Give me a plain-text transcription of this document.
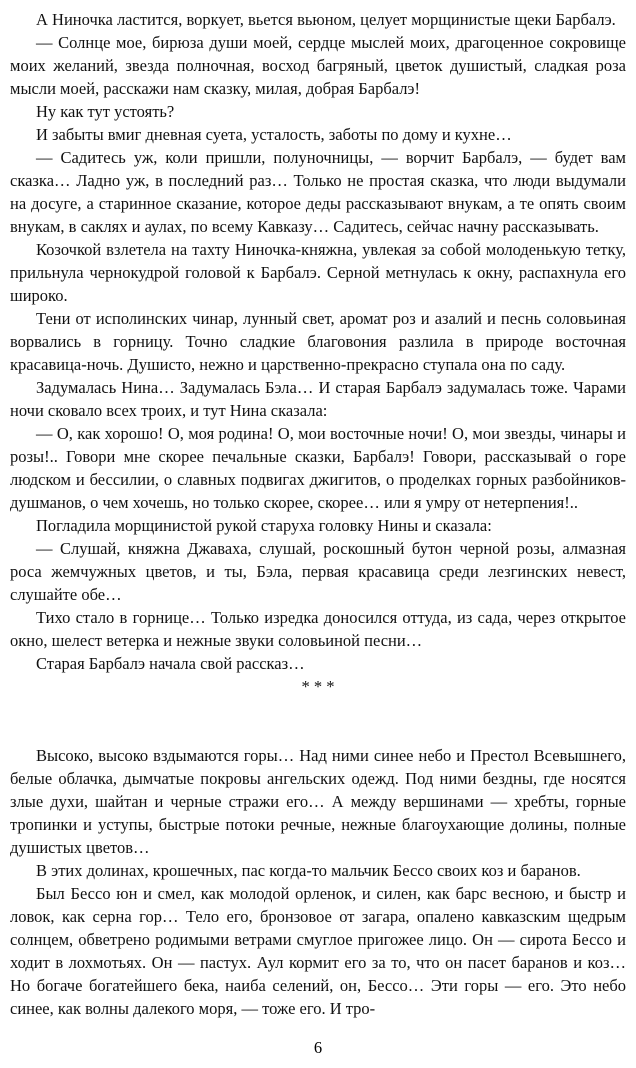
А Ниночка ластится, воркует, вьется вьюном, целует морщинистые щеки Барбалэ.

— Солнце мое, бирюза души моей, сердце мыслей моих, драгоценное сокровище моих желаний, звезда полночная, восход багряный, цветок душистый, сладкая роза мысли моей, расскажи нам сказку, милая, добрая Барбалэ!

Ну как тут устоять?

И забыты вмиг дневная суета, усталость, заботы по дому и кухне…

— Садитесь уж, коли пришли, полуночницы, — ворчит Барбалэ, — будет вам сказка… Ладно уж, в последний раз… Только не простая сказка, что люди выдумали на досуге, а старинное сказание, которое деды рассказывают внукам, а те опять своим внукам, в саклях и аулах, по всему Кавказу… Садитесь, сейчас начну рассказывать.

Козочкой взлетела на тахту Ниночка-княжна, увлекая за собой молоденькую тетку, прильнула чернокудрой головой к Барбалэ. Серной метнулась к окну, распахнула его широко.

Тени от исполинских чинар, лунный свет, аромат роз и азалий и песнь соловьиная ворвались в горницу. Точно сладкие благовония разлила в природе восточная красавица-ночь. Душисто, нежно и царственно-прекрасно ступала она по саду.

Задумалась Нина… Задумалась Бэла… И старая Барбалэ задумалась тоже. Чарами ночи сковало всех троих, и тут Нина сказала:

— О, как хорошо! О, моя родина! О, мои восточные ночи! О, мои звезды, чинары и розы!.. Говори мне скорее печальные сказки, Барбалэ! Говори, рассказывай о горе людском и бессилии, о славных подвигах джигитов, о проделках горных разбойников-душманов, о чем хочешь, но только скорее, скорее… или я умру от нетерпения!..

Погладила морщинистой рукой старуха головку Нины и сказала:

— Слушай, княжна Джаваха, слушай, роскошный бутон черной розы, алмазная роса жемчужных цветов, и ты, Бэла, первая красавица среди лезгинских невест, слушайте обе…

Тихо стало в горнице… Только изредка доносился оттуда, из сада, через открытое окно, шелест ветерка и нежные звуки соловьиной песни…

Старая Барбалэ начала свой рассказ…

* * *

Высоко, высоко вздымаются горы… Над ними синее небо и Престол Всевышнего, белые облачка, дымчатые покровы ангельских одежд. Под ними бездны, где носятся злые духи, шайтан и черные стражи его… А между вершинами — хребты, горные тропинки и уступы, быстрые потоки речные, нежные благоухающие долины, полные душистых цветов…

В этих долинах, крошечных, пас когда-то мальчик Бессо своих коз и баранов.

Был Бессо юн и смел, как молодой орленок, и силен, как барс весною, и быстр и ловок, как серна гор… Тело его, бронзовое от загара, опалено кавказским щедрым солнцем, обветрено родимыми ветрами смуглое пригожее лицо. Он — сирота Бессо и ходит в лохмотьях. Он — пастух. Аул кормит его за то, что он пасет баранов и коз… Но богаче богатейшего бека, наиба селений, он, Бессо… Эти горы — его. Это небо синее, как волны далекого моря, — тоже его. И тро-

6
